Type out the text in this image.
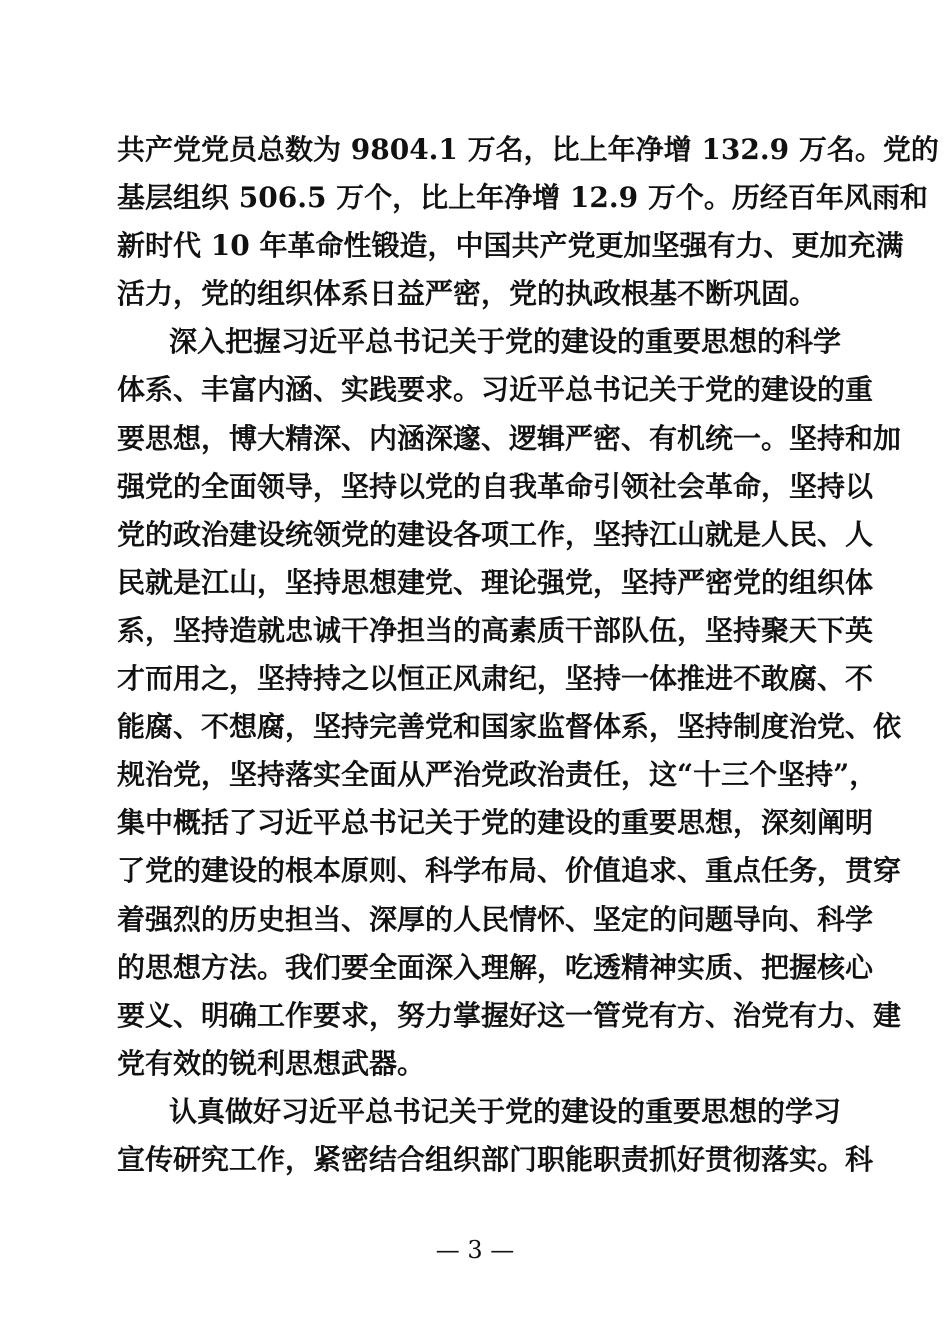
共产党党员总数为 9804.1 万名，比上年净增 132.9 万名。党的
基层组织 506.5 万个，比上年净增 12.9 万个。历经百年风雨和
新时代 10 年革命性锻造，中国共产党更加坚强有力、更加充满
活力，党的组织体系日益严密，党的执政根基不断巩固。
深入把握习近平总书记关于党的建设的重要思想的科学
体系、丰富内涵、实践要求。习近平总书记关于党的建设的重
要思想，博大精深、内涵深邃、逻辑严密、有机统一。坚持和加
强党的全面领导，坚持以党的自我革命引领社会革命，坚持以
党的政治建设统领党的建设各项工作，坚持江山就是人民、人
民就是江山，坚持思想建党、理论强党，坚持严密党的组织体
系，坚持造就忠诚干净担当的高素质干部队伍，坚持聚天下英
才而用之，坚持持之以恒正风肃纪，坚持一体推进不敢腐、不
能腐、不想腐，坚持完善党和国家监督体系，坚持制度治党、依
规治党，坚持落实全面从严治党政治责任，这“十三个坚持”，
集中概括了习近平总书记关于党的建设的重要思想，深刻阐明
了党的建设的根本原则、科学布局、价值追求、重点任务，贯穿
着强烈的历史担当、深厚的人民情怀、坚定的问题导向、科学
的思想方法。我们要全面深入理解，吃透精神实质、把握核心
要义、明确工作要求，努力掌握好这一管党有方、治党有力、建
党有效的锐利思想武器。
认真做好习近平总书记关于党的建设的重要思想的学习
宣传研究工作，紧密结合组织部门职能职责抓好贯彻落实。科
— 3 —
